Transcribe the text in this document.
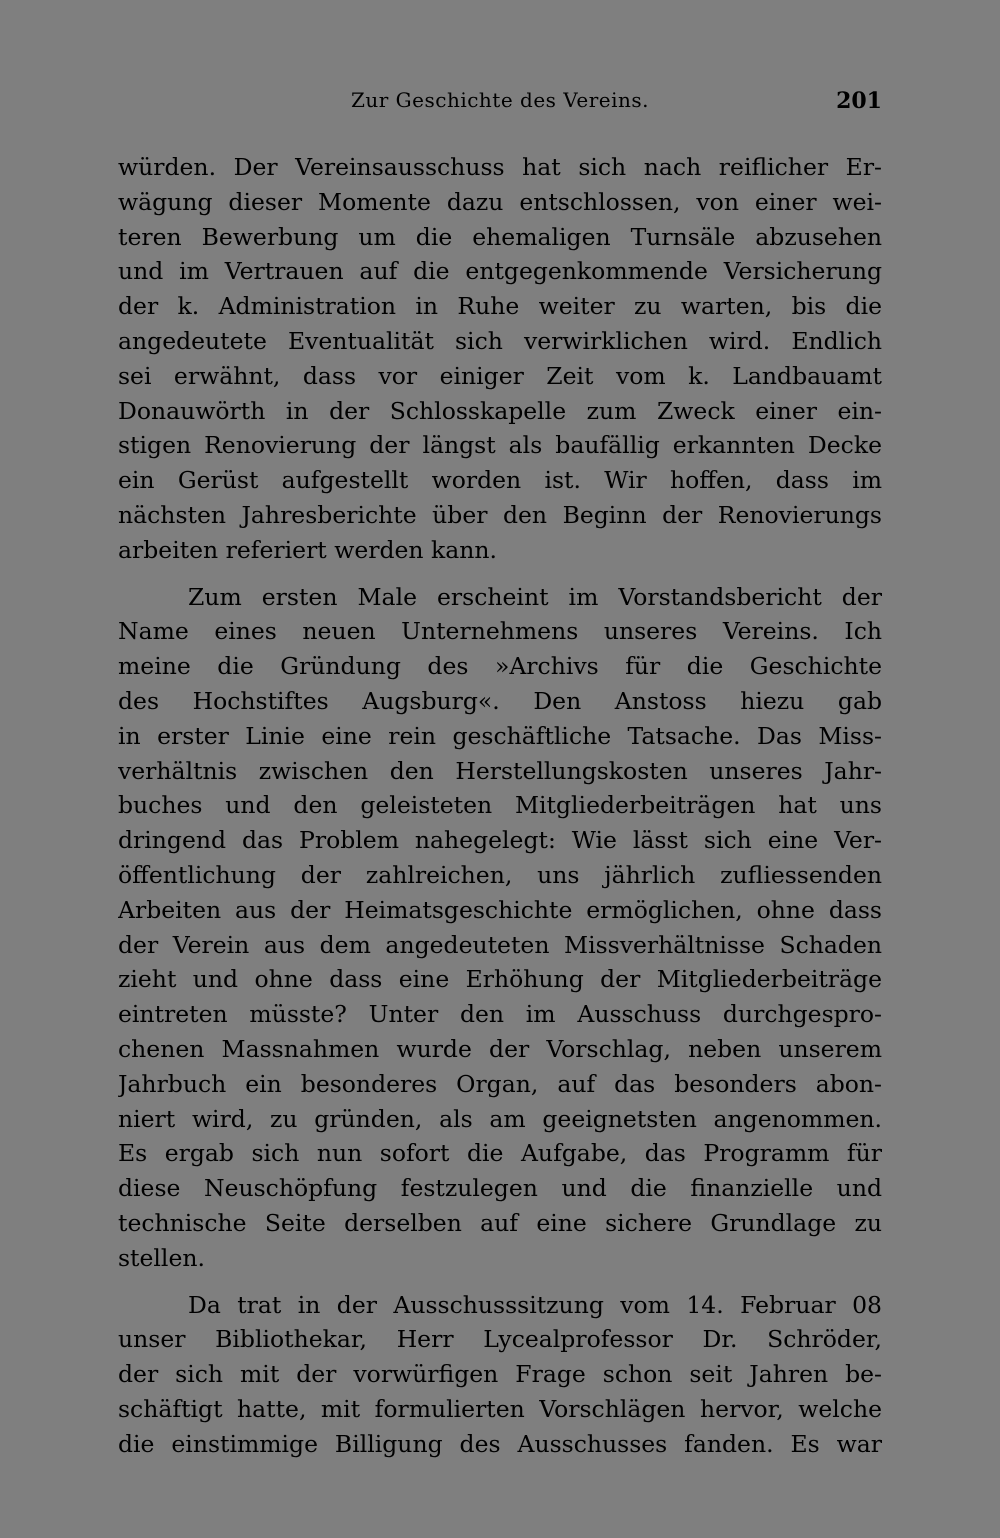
Zur Geschichte des Vereins.	201
würden. Der Vereinsausschuss hat sich nach reiflicher Er-
wägung dieser Momente dazu entschlossen, von einer wei-
teren Bewerbung um die ehemaligen Turnsäle abzusehen
und im Vertrauen auf die entgegenkommende Versicherung
der k. Administration in Ruhe weiter zu warten, bis die
angedeutete Eventualität sich verwirklichen wird. Endlich
sei erwähnt, dass vor einiger Zeit vom k. Landbauamt
Donauwörth in der Schlosskapelle zum Zweck einer ein-
stigen Renovierung der längst als baufällig erkannten Decke
ein Gerüst aufgestellt worden ist. Wir hoffen, dass im
nächsten Jahresberichte über den Beginn der Renovierungs
arbeiten referiert werden kann.
Zum ersten Male erscheint im Vorstandsbericht der
Name eines neuen Unternehmens unseres Vereins. Ich
meine die Gründung des »Archivs für die Geschichte
des Hochstiftes Augsburg«. Den Anstoss hiezu gab
in erster Linie eine rein geschäftliche Tatsache. Das Miss-
verhältnis zwischen den Herstellungskosten unseres Jahr-
buches und den geleisteten Mitgliederbeiträgen hat uns
dringend das Problem nahegelegt: Wie lässt sich eine Ver-
öffentlichung der zahlreichen, uns jährlich zufliessenden
Arbeiten aus der Heimatsgeschichte ermöglichen, ohne dass
der Verein aus dem angedeuteten Missverhältnisse Schaden
zieht und ohne dass eine Erhöhung der Mitgliederbeiträge
eintreten müsste? Unter den im Ausschuss durchgespro-
chenen Massnahmen wurde der Vorschlag, neben unserem
Jahrbuch ein besonderes Organ, auf das besonders abon-
niert wird, zu gründen, als am geeignetsten angenommen.
Es ergab sich nun sofort die Aufgabe, das Programm für
diese Neuschöpfung festzulegen und die finanzielle und
technische Seite derselben auf eine sichere Grundlage zu
stellen.
Da trat in der Ausschusssitzung vom 14. Februar 08
unser Bibliothekar, Herr Lycealprofessor Dr. Schröder,
der sich mit der vorwürfigen Frage schon seit Jahren be-
schäftigt hatte, mit formulierten Vorschlägen hervor, welche
die einstimmige Billigung des Ausschusses fanden. Es war
